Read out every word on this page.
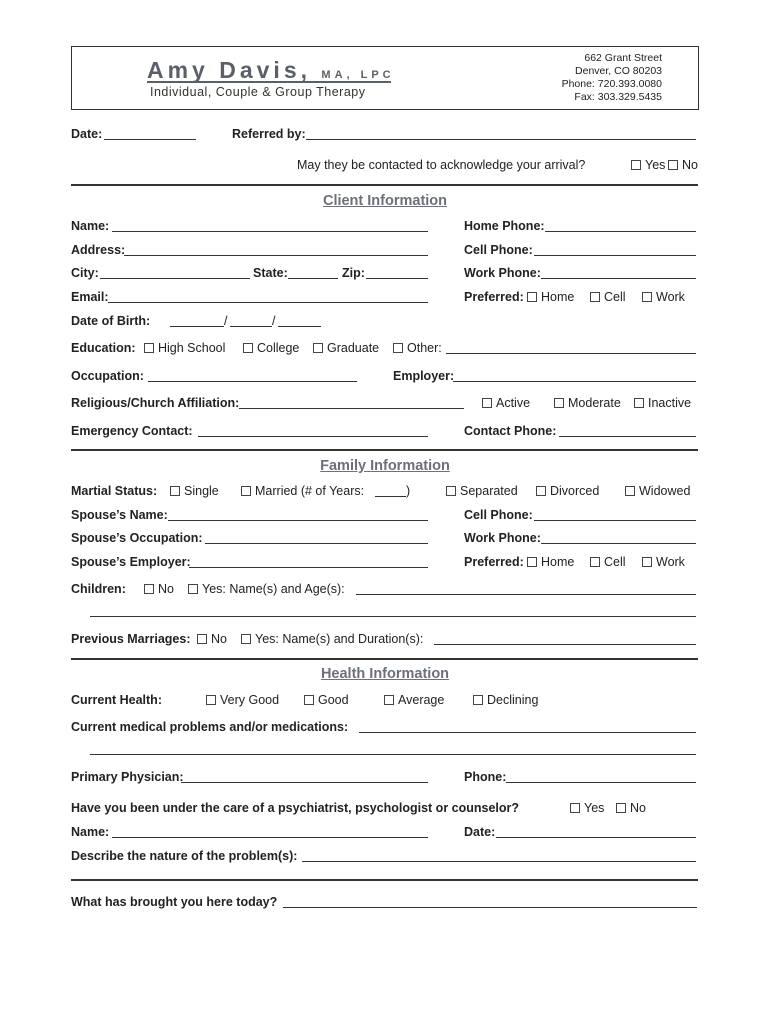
Amy Davis, MA, LPC
Individual, Couple & Group Therapy
662 Grant Street
Denver, CO 80203
Phone: 720.393.0080
Fax: 303.329.5435
Date:	Referred by:
May they be contacted to acknowledge your arrival?	Yes No
Client Information
Name:	Home Phone:
Address:	Cell Phone:
City:	State:	Zip:	Work Phone:
Email:	Preferred: Home Cell Work
Date of Birth:	/	/
Education: High School	College Graduate Other:
Occupation:	Employer:
Religious/Church Affiliation:	Active	Moderate Inactive
Emergency Contact:	Contact Phone:
Family Information
Martial Status: Single	Married (# of Years:	)	Separated	Divorced	Widowed
Spouse’s Name:	Cell Phone:
Spouse’s Occupation:	Work Phone:
Spouse’s Employer:	Preferred: Home Cell Work
Children:	No Yes: Name(s) and Age(s):
Previous Marriages: No Yes: Name(s) and Duration(s):
Health Information
Current Health:	Very Good	Good	Average	Declining
Current medical problems and/or medications:
Primary Physician:	Phone:
Have you been under the care of a psychiatrist, psychologist or counselor?	Yes No
Name:	Date:
Describe the nature of the problem(s):
What has brought you here today?
